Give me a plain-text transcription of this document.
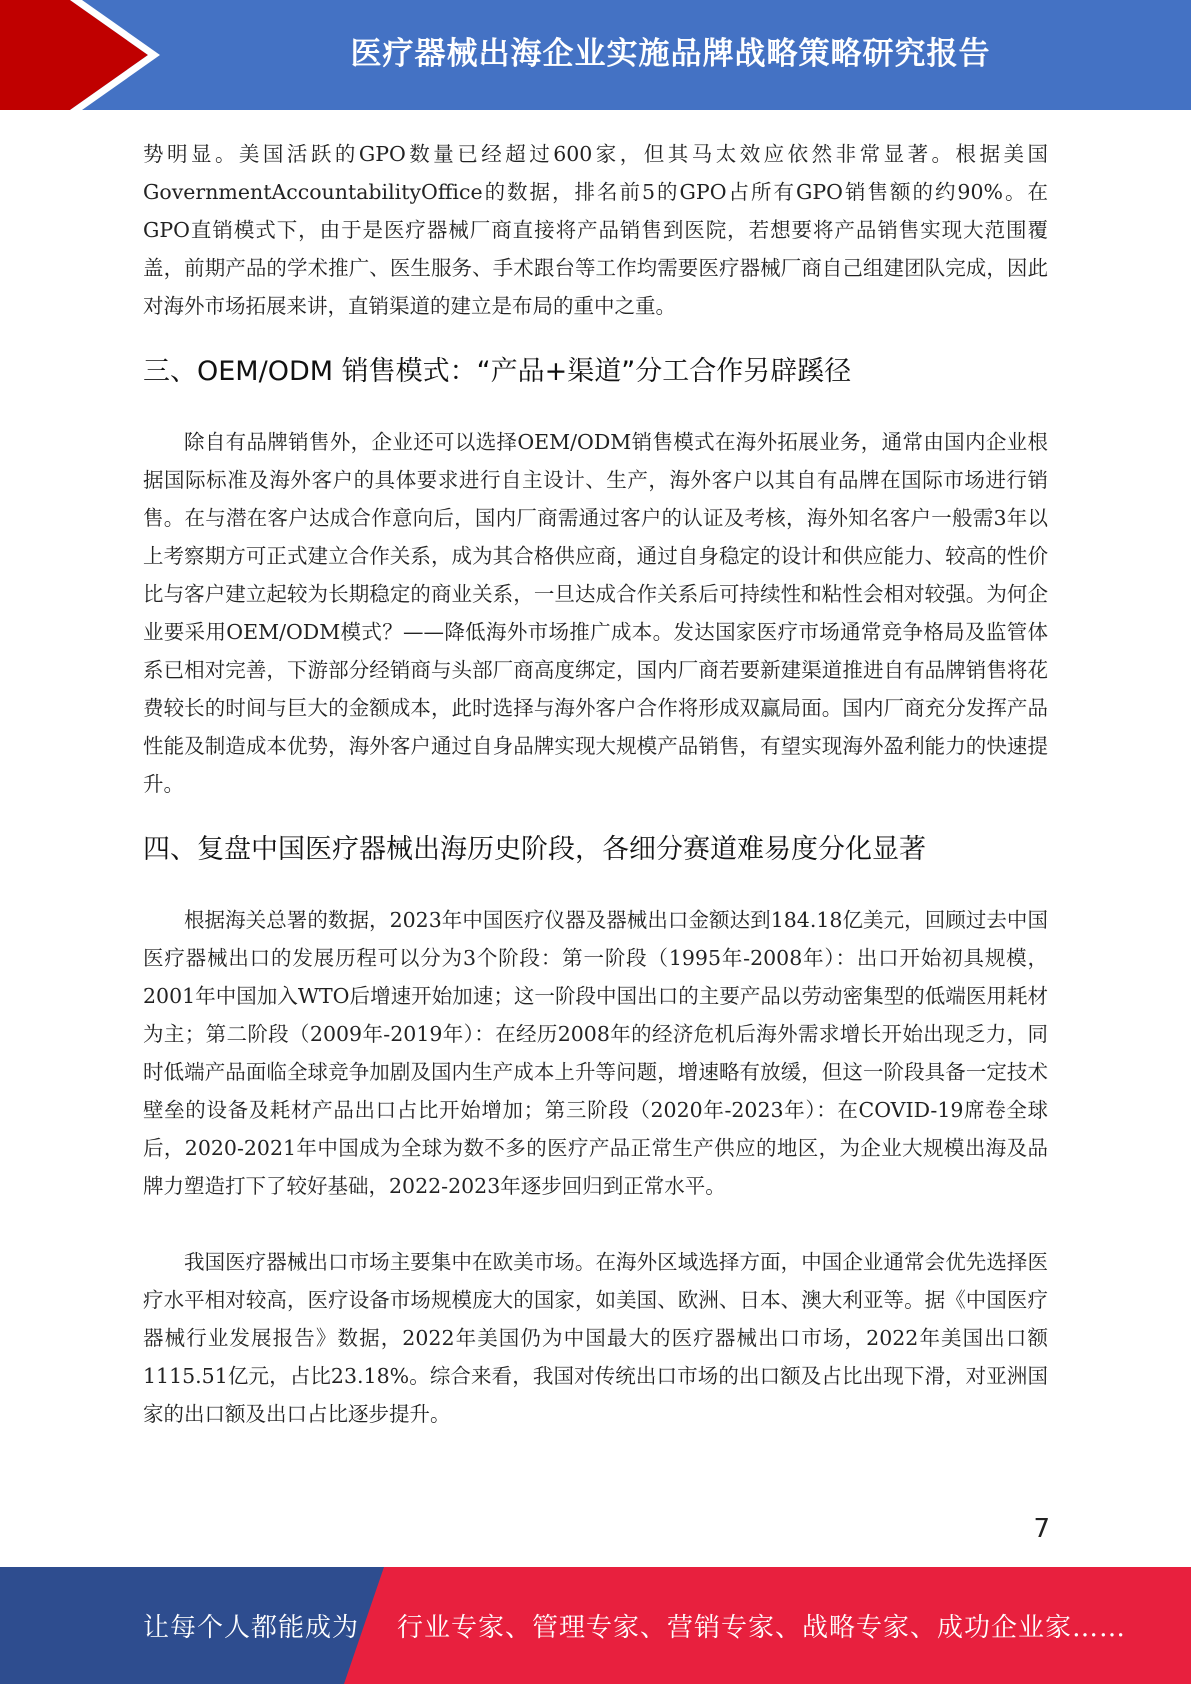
医疗器械出海企业实施品牌战略策略研究报告

势明显。美国活跃的GPO数量已经超过600家，但其马太效应依然非常显著。根据美国GovernmentAccountabilityOffice的数据，排名前5的GPO占所有GPO销售额的约90%。在GPO直销模式下，由于是医疗器械厂商直接将产品销售到医院，若想要将产品销售实现大范围覆盖，前期产品的学术推广、医生服务、手术跟台等工作均需要医疗器械厂商自己组建团队完成，因此对海外市场拓展来讲，直销渠道的建立是布局的重中之重。

三、OEM/ODM 销售模式：“产品+渠道”分工合作另辟蹊径

除自有品牌销售外，企业还可以选择OEM/ODM销售模式在海外拓展业务，通常由国内企业根据国际标准及海外客户的具体要求进行自主设计、生产，海外客户以其自有品牌在国际市场进行销售。在与潜在客户达成合作意向后，国内厂商需通过客户的认证及考核，海外知名客户一般需3年以上考察期方可正式建立合作关系，成为其合格供应商，通过自身稳定的设计和供应能力、较高的性价比与客户建立起较为长期稳定的商业关系，一旦达成合作关系后可持续性和粘性会相对较强。为何企业要采用OEM/ODM模式？——降低海外市场推广成本。发达国家医疗市场通常竞争格局及监管体系已相对完善，下游部分经销商与头部厂商高度绑定，国内厂商若要新建渠道推进自有品牌销售将花费较长的时间与巨大的金额成本，此时选择与海外客户合作将形成双赢局面。国内厂商充分发挥产品性能及制造成本优势，海外客户通过自身品牌实现大规模产品销售，有望实现海外盈利能力的快速提升。

四、复盘中国医疗器械出海历史阶段，各细分赛道难易度分化显著

根据海关总署的数据，2023年中国医疗仪器及器械出口金额达到184.18亿美元，回顾过去中国医疗器械出口的发展历程可以分为3个阶段：第一阶段（1995年-2008年）：出口开始初具规模，2001年中国加入WTO后增速开始加速；这一阶段中国出口的主要产品以劳动密集型的低端医用耗材为主；第二阶段（2009年-2019年）：在经历2008年的经济危机后海外需求增长开始出现乏力，同时低端产品面临全球竞争加剧及国内生产成本上升等问题，增速略有放缓，但这一阶段具备一定技术壁垒的设备及耗材产品出口占比开始增加；第三阶段（2020年-2023年）：在COVID-19席卷全球后，2020-2021年中国成为全球为数不多的医疗产品正常生产供应的地区，为企业大规模出海及品牌力塑造打下了较好基础，2022-2023年逐步回归到正常水平。

我国医疗器械出口市场主要集中在欧美市场。在海外区域选择方面，中国企业通常会优先选择医疗水平相对较高，医疗设备市场规模庞大的国家，如美国、欧洲、日本、澳大利亚等。据《中国医疗器械行业发展报告》数据，2022年美国仍为中国最大的医疗器械出口市场，2022年美国出口额1115.51亿元，占比23.18%。综合来看，我国对传统出口市场的出口额及占比出现下滑，对亚洲国家的出口额及出口占比逐步提升。

7
让每个人都能成为 行业专家、管理专家、营销专家、战略专家、成功企业家……
